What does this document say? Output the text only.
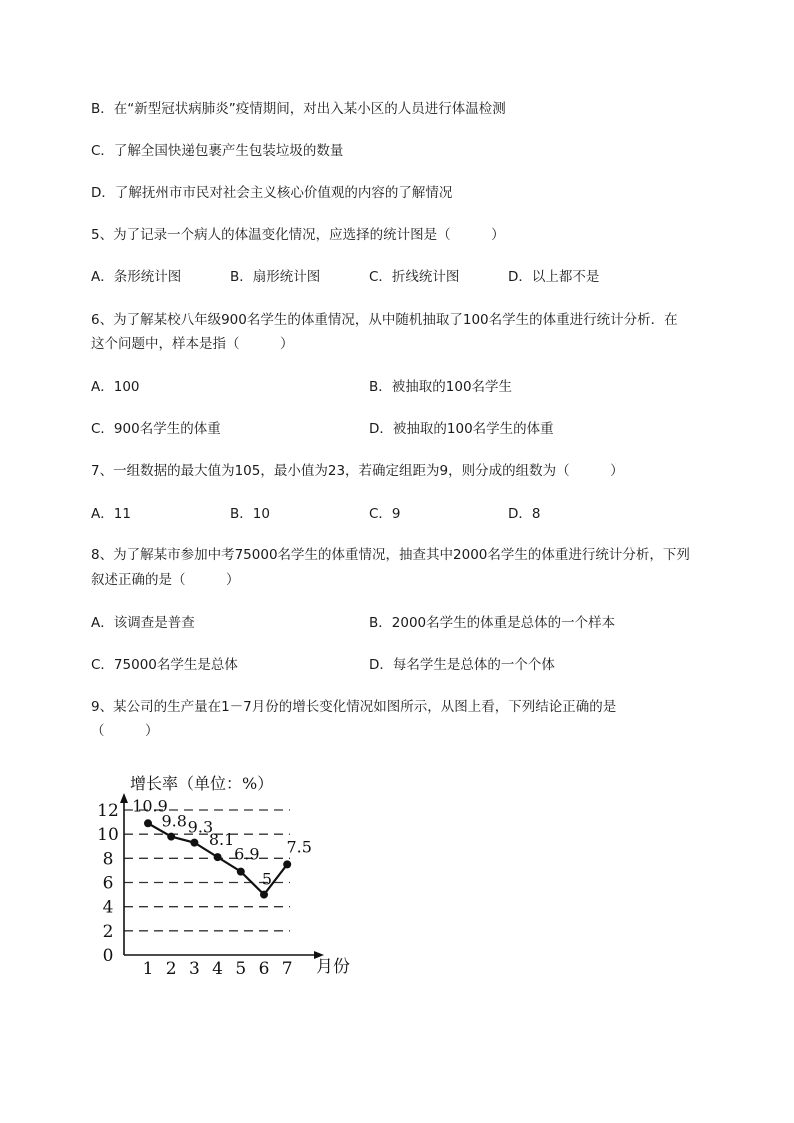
B．在“新型冠状病肺炎”疫情期间，对出入某小区的人员进行体温检测
C．了解全国快递包裹产生包装垃圾的数量
D．了解抚州市市民对社会主义核心价值观的内容的了解情况
5、为了记录一个病人的体温变化情况，应选择的统计图是（　　　）
A．条形统计图	B．扇形统计图	C．折线统计图	D．以上都不是
6、为了解某校八年级900名学生的体重情况，从中随机抽取了100名学生的体重进行统计分析．在
这个问题中，样本是指（　　　）
A．100	B．被抽取的100名学生
C．900名学生的体重	D．被抽取的100名学生的体重
7、一组数据的最大值为105，最小值为23，若确定组距为9，则分成的组数为（　　　）
A．11	B．10	C．9	D．8
8、为了解某市参加中考75000名学生的体重情况，抽查其中2000名学生的体重进行统计分析，下列
叙述正确的是（　　　）
A．该调查是普查	B．2000名学生的体重是总体的一个样本
C．75000名学生是总体	D．每名学生是总体的一个个体
9、某公司的生产量在1－7月份的增长变化情况如图所示，从图上看，下列结论正确的是
（　　　）
增长率（单位：%）
月份
0
2
4
6
8
10
12
1 2 3 4 5 6 7
10.9
9.8 9.3
8.1
6.9
5
7.5
